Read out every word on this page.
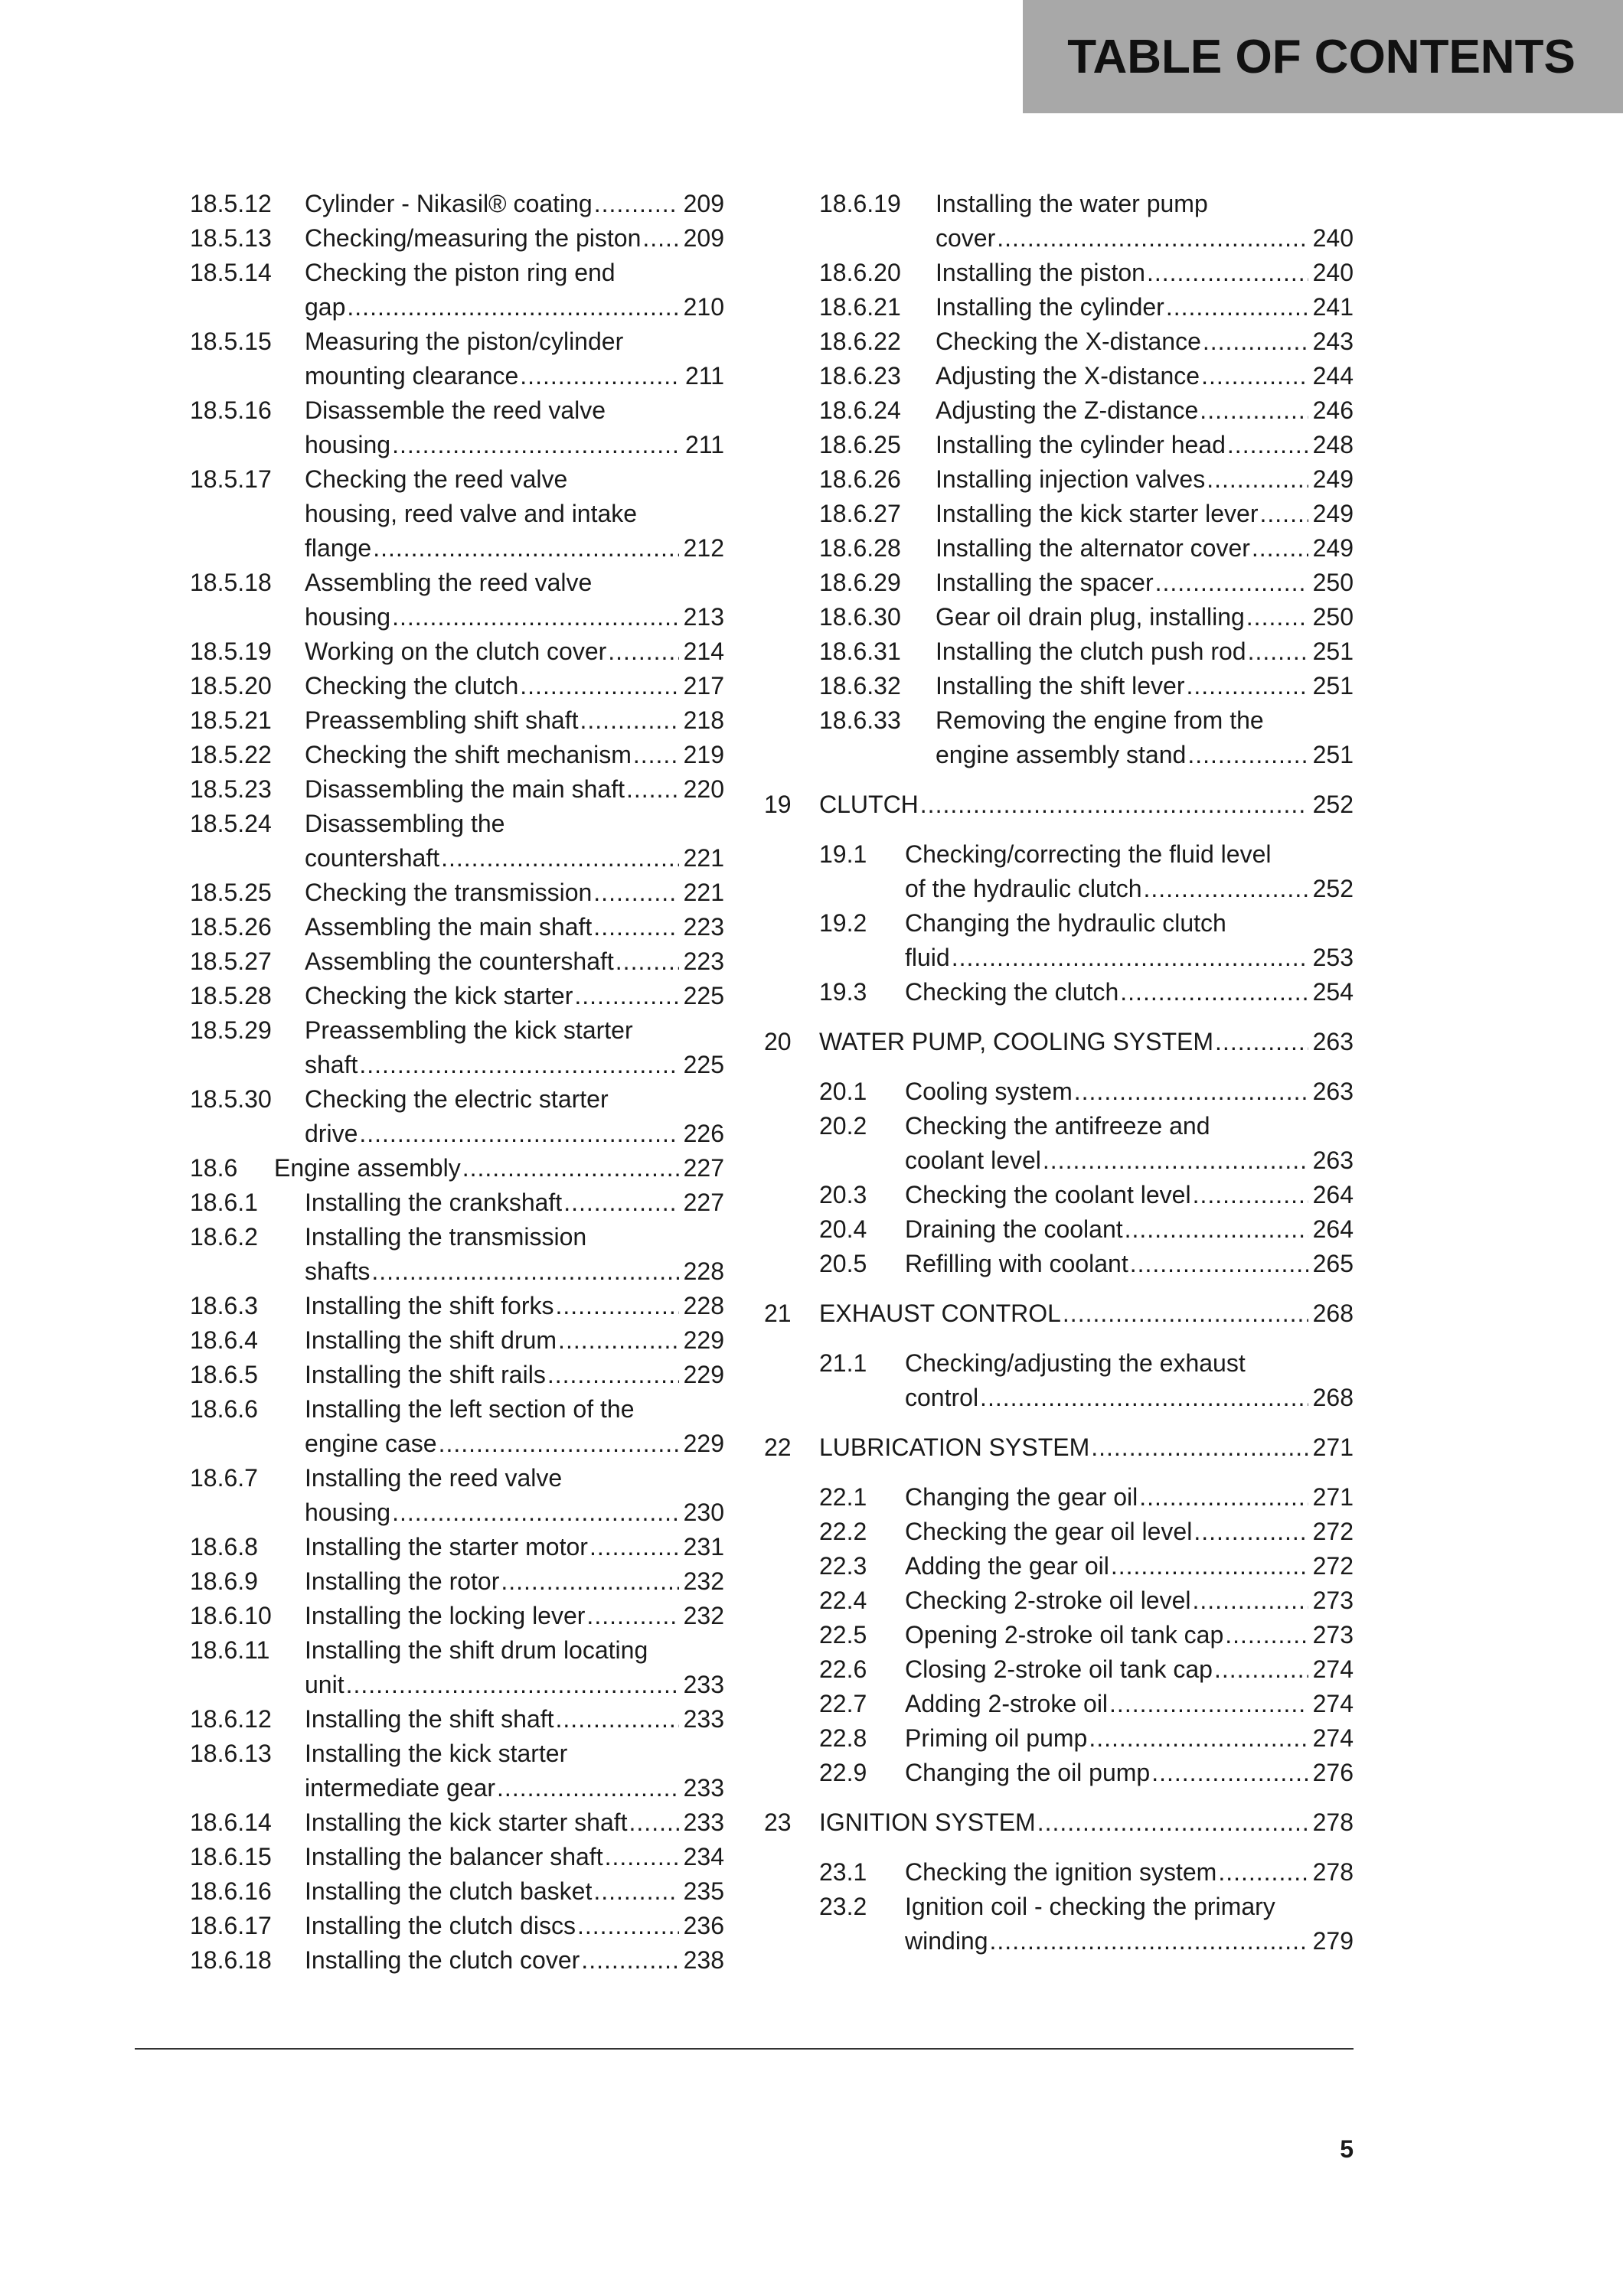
TABLE OF CONTENTS
18.5.12 Cylinder - Nikasil® coating .....	209
18.5.13 Checking/measuring the piston ..... 209
18.5.14 Checking the piston ring end
gap .....	210
18.5.15 Measuring the piston/cylinder
mounting clearance .....	211
18.5.16 Disassemble the reed valve
housing .....	211
18.5.17 Checking the reed valve
housing, reed valve and intake
flange .....	212
18.5.18 Assembling the reed valve
housing .....	213
18.5.19 Working on the clutch cover .....	214
18.5.20 Checking the clutch .....	217
18.5.21 Preassembling shift shaft .....	218
18.5.22 Checking the shift mechanism ..... 219
18.5.23 Disassembling the main shaft ..... 220
18.5.24 Disassembling the
countershaft .....	221
18.5.25 Checking the transmission .....	221
18.5.26 Assembling the main shaft .....	223
18.5.27 Assembling the countershaft .....	223
18.5.28 Checking the kick starter .....	225
18.5.29 Preassembling the kick starter
shaft .....	225
18.5.30 Checking the electric starter
drive .....	226
18.6 Engine assembly .....	227
18.6.1 Installing the crankshaft .....	227
18.6.2 Installing the transmission
shafts .....	228
18.6.3 Installing the shift forks .....	228
18.6.4 Installing the shift drum .....	229
18.6.5 Installing the shift rails .....	229
18.6.6 Installing the left section of the
engine case .....	229
18.6.7 Installing the reed valve
housing .....	230
18.6.8 Installing the starter motor .....	231
18.6.9 Installing the rotor .....	232
18.6.10 Installing the locking lever .....	232
18.6.11 Installing the shift drum locating
unit .....	233
18.6.12 Installing the shift shaft .....	233
18.6.13 Installing the kick starter
intermediate gear .....	233
18.6.14 Installing the kick starter shaft ..... 233
18.6.15 Installing the balancer shaft .....	234
18.6.16 Installing the clutch basket .....	235
18.6.17 Installing the clutch discs .....	236
18.6.18 Installing the clutch cover .....	238
18.6.19 Installing the water pump
cover .....	240
18.6.20 Installing the piston .....	240
18.6.21 Installing the cylinder .....	241
18.6.22 Checking the X-distance .....	243
18.6.23 Adjusting the X-distance .....	244
18.6.24 Adjusting the Z-distance .....	246
18.6.25 Installing the cylinder head .....	248
18.6.26 Installing injection valves .....	249
18.6.27 Installing the kick starter lever ..... 249
18.6.28 Installing the alternator cover .....	249
18.6.29 Installing the spacer .....	250
18.6.30 Gear oil drain plug, installing .....	250
18.6.31 Installing the clutch push rod .....	251
18.6.32 Installing the shift lever .....	251
18.6.33 Removing the engine from the
engine assembly stand .....	251
19 CLUTCH .....	252
19.1 Checking/correcting the fluid level
of the hydraulic clutch .....	252
19.2 Changing the hydraulic clutch
fluid .....	253
19.3 Checking the clutch .....	254
20 WATER PUMP, COOLING SYSTEM .....	263
20.1 Cooling system .....	263
20.2 Checking the antifreeze and
coolant level .....	263
20.3 Checking the coolant level .....	264
20.4 Draining the coolant .....	264
20.5 Refilling with coolant .....	265
21 EXHAUST CONTROL .....	268
21.1 Checking/adjusting the exhaust
control .....	268
22 LUBRICATION SYSTEM .....	271
22.1 Changing the gear oil .....	271
22.2 Checking the gear oil level .....	272
22.3 Adding the gear oil .....	272
22.4 Checking 2-stroke oil level .....	273
22.5 Opening 2-stroke oil tank cap .....	273
22.6 Closing 2-stroke oil tank cap .....	274
22.7 Adding 2-stroke oil .....	274
22.8 Priming oil pump .....	274
22.9 Changing the oil pump .....	276
23 IGNITION SYSTEM .....	278
23.1 Checking the ignition system .....	278
23.2 Ignition coil - checking the primary
winding .....	279
5
